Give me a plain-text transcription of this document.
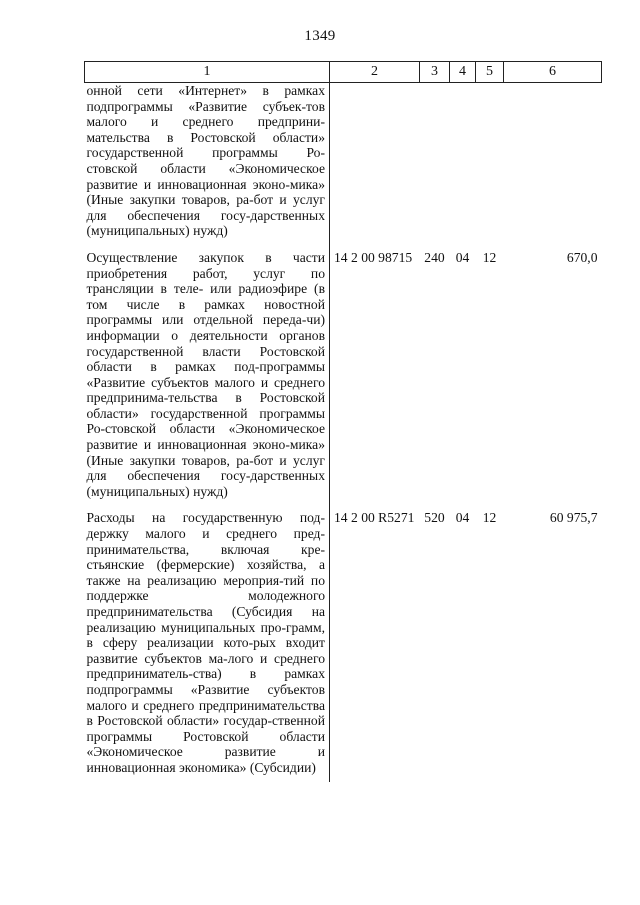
1349
1	2	3	4	5	6
онной сети «Интернет» в рамках подпрограммы «Развитие субъек-тов малого и среднего предприни-мательства в Ростовской области» государственной программы Ро-стовской области «Экономическое развитие и инновационная эконо-мика» (Иные закупки товаров, ра-бот и услуг для обеспечения госу-дарственных (муниципальных) нужд)					
Осуществление закупок в части приобретения работ, услуг по трансляции в теле- или радиоэфире (в том числе в рамках новостной программы или отдельной переда-чи) информации о деятельности органов государственной власти Ростовской области в рамках под-программы «Развитие субъектов малого и среднего предпринима-тельства в Ростовской области» государственной программы Ро-стовской области «Экономическое развитие и инновационная эконо-мика» (Иные закупки товаров, ра-бот и услуг для обеспечения госу-дарственных (муниципальных) нужд)	14 2 00 98715	240	04	12	670,0
Расходы на государственную под-держку малого и среднего пред-принимательства, включая кре-стьянские (фермерские) хозяйства, а также на реализацию мероприя-тий по поддержке молодежного предпринимательства (Субсидия на реализацию муниципальных про-грамм, в сферу реализации кото-рых входит развитие субъектов ма-лого и среднего предприниматель-ства) в рамках подпрограммы «Развитие субъектов малого и среднего предпринимательства в Ростовской области» государ-ственной программы Ростовской области «Экономическое развитие и инновационная экономика» (Субсидии)	14 2 00 R5271	520	04	12	60 975,7
